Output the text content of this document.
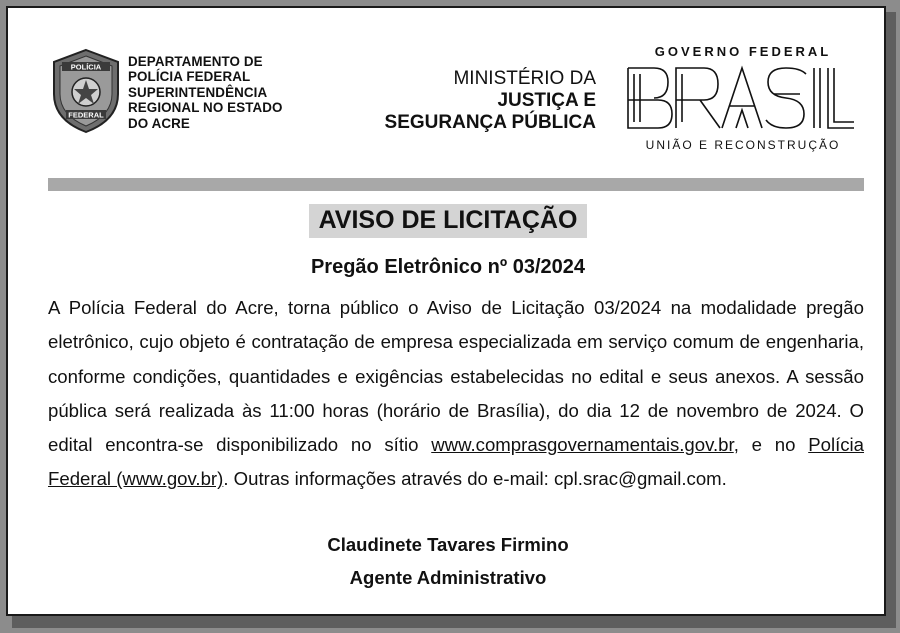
POLÍCIA
FEDERAL
DEPARTAMENTO DE
POLÍCIA FEDERAL
SUPERINTENDÊNCIA
REGIONAL NO ESTADO
DO ACRE
MINISTÉRIO DA
JUSTIÇA E
SEGURANÇA PÚBLICA
GOVERNO FEDERAL
UNIÃO E RECONSTRUÇÃO
AVISO DE LICITAÇÃO
Pregão Eletrônico nº 03/2024
A Polícia Federal do Acre, torna público o Aviso de Licitação 03/2024 na modalidade pregão eletrônico, cujo objeto é contratação de empresa especializada em serviço comum de engenharia, conforme condições, quantidades e exigências estabelecidas no edital e seus anexos. A sessão pública será realizada às 11:00 horas (horário de Brasília), do dia 12 de novembro de 2024. O edital encontra-se disponibilizado no sítio www.comprasgovernamentais.gov.br, e no Polícia Federal (www.gov.br). Outras informações através do e-mail: cpl.srac@gmail.com.
Claudinete Tavares Firmino
Agente Administrativo
